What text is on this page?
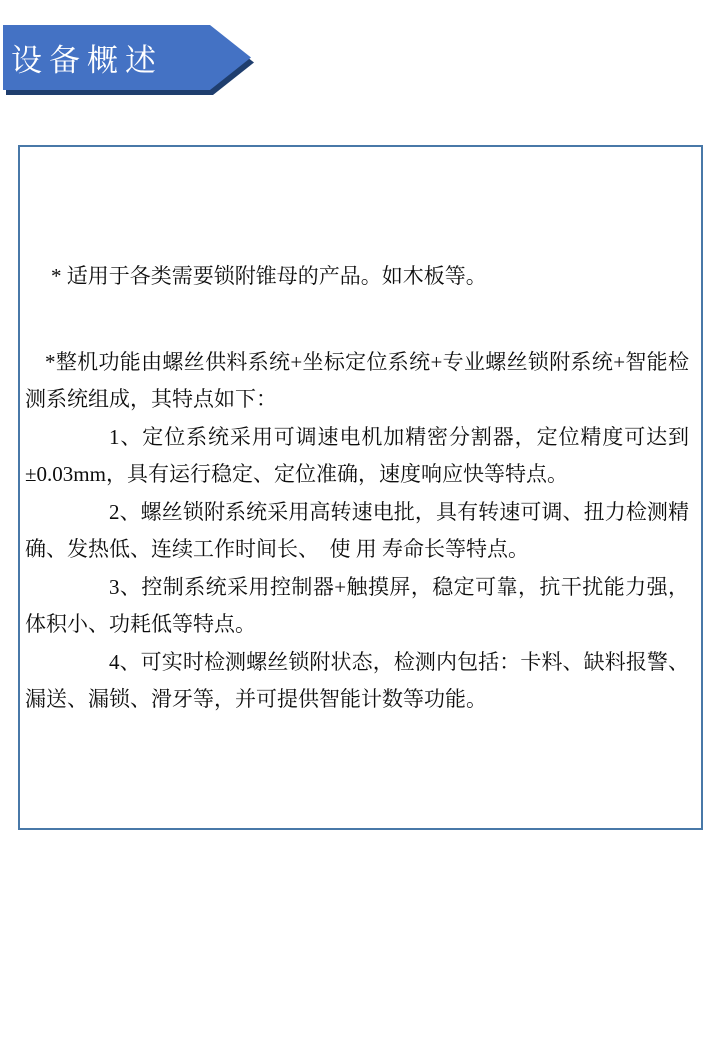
设备概述

* 适用于各类需要锁附锥母的产品。如木板等。

*整机功能由螺丝供料系统+坐标定位系统+专业螺丝锁附系统+智能检测系统组成，其特点如下：

1、定位系统采用可调速电机加精密分割器，定位精度可达到±0.03mm，具有运行稳定、定位准确，速度响应快等特点。

2、螺丝锁附系统采用高转速电批，具有转速可调、扭力检测精确、发热低、连续工作时间长、　使 用 寿命长等特点。

3、控制系统采用控制器+触摸屏，稳定可靠，抗干扰能力强，体积小、功耗低等特点。

4、可实时检测螺丝锁附状态，检测内包括：卡料、缺料报警、漏送、漏锁、滑牙等，并可提供智能计数等功能。
